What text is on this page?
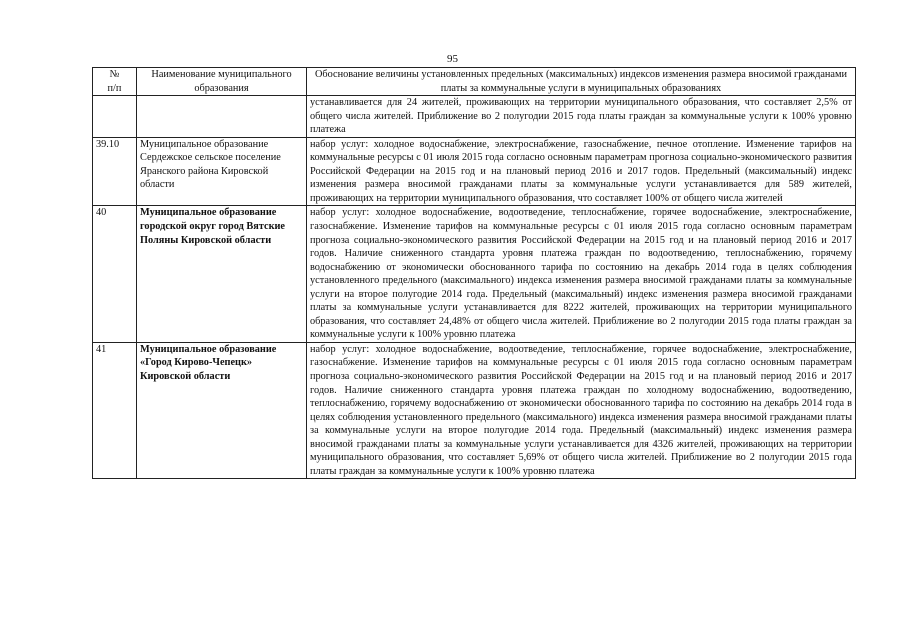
95
№
п/п	Наименование муниципального образования	Обоснование величины установленных предельных (максимальных) индексов изменения размера вносимой гражданами платы за коммунальные услуги в муниципальных образованиях
		устанавливается для 24 жителей, проживающих на территории муниципального образования, что составляет 2,5% от общего числа жителей. Приближение во 2 полугодии 2015 года платы граждан за коммунальные услуги к 100% уровню платежа
39.10	Муниципальное образование Сердежское сельское поселение Яранского района Кировской области	набор услуг: холодное водоснабжение, электроснабжение, газоснабжение, печное отопление. Изменение тарифов на коммунальные ресурсы с 01 июля 2015 года согласно основным параметрам прогноза социально-экономического развития Российской Федерации на 2015 год и на плановый период 2016 и 2017 годов. Предельный (максимальный) индекс изменения размера вносимой гражданами платы за коммунальные услуги устанавливается для 589 жителей, проживающих на территории муниципального образования, что составляет 100% от общего числа жителей
40	Муниципальное образование городской округ город Вятские Поляны Кировской области	набор услуг: холодное водоснабжение, водоотведение, теплоснабжение, горячее водоснабжение, электроснабжение, газоснабжение. Изменение тарифов на коммунальные ресурсы с 01 июля 2015 года согласно основным параметрам прогноза социально-экономического развития Российской Федерации на 2015 год и на плановый период 2016 и 2017 годов. Наличие сниженного стандарта уровня платежа граждан по водоотведению, теплоснабжению, горячему водоснабжению от экономически обоснованного тарифа по состоянию на декабрь 2014 года в целях соблюдения установленного предельного (максимального) индекса изменения размера вносимой гражданами платы за коммунальные услуги на второе полугодие 2014 года. Предельный (максимальный) индекс изменения размера вносимой гражданами платы за коммунальные услуги устанавливается для 8222 жителей, проживающих на территории муниципального образования, что составляет 24,48% от общего числа жителей. Приближение во 2 полугодии 2015 года платы граждан за коммунальные услуги к 100% уровню платежа
41	Муниципальное образование «Город Кирово-Чепецк» Кировской области	набор услуг: холодное водоснабжение, водоотведение, теплоснабжение, горячее водоснабжение, электроснабжение, газоснабжение. Изменение тарифов на коммунальные ресурсы с 01 июля 2015 года согласно основным параметрам прогноза социально-экономического развития Российской Федерации на 2015 год и на плановый период 2016 и 2017 годов. Наличие сниженного стандарта уровня платежа граждан по холодному водоснабжению, водоотведению, теплоснабжению, горячему водоснабжению от экономически обоснованного тарифа по состоянию на декабрь 2014 года в целях соблюдения установленного предельного (максимального) индекса изменения размера вносимой гражданами платы за коммунальные услуги на второе полугодие 2014 года. Предельный (максимальный) индекс изменения размера вносимой гражданами платы за коммунальные услуги устанавливается для 4326 жителей, проживающих на территории муниципального образования, что составляет 5,69% от общего числа жителей. Приближение во 2 полугодии 2015 года платы граждан за коммунальные услуги к 100% уровню платежа
